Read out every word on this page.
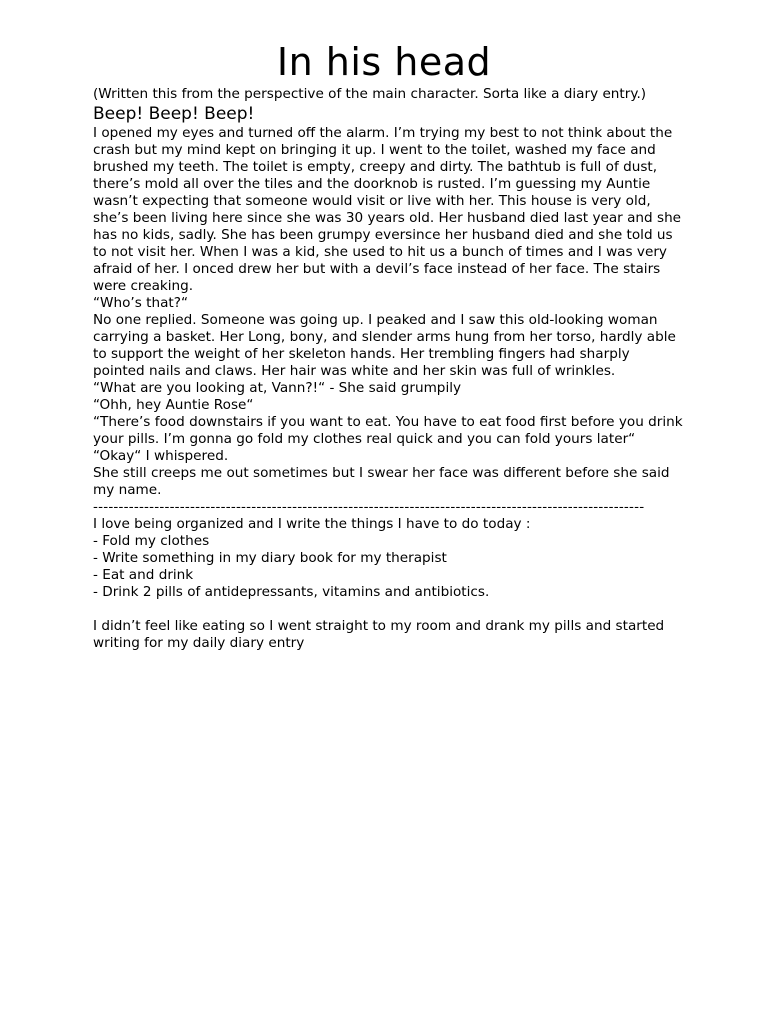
In his head

(Written this from the perspective of the main character. Sorta like a diary entry.)

Beep! Beep! Beep!

I opened my eyes and turned off the alarm. I’m trying my best to not think about the crash but my mind kept on bringing it up. I went to the toilet, washed my face and brushed my teeth. The toilet is empty, creepy and dirty. The bathtub is full of dust, there’s mold all over the tiles and the doorknob is rusted. I’m guessing my Auntie wasn’t expecting that someone would visit or live with her. This house is very old, she’s been living here since she was 30 years old. Her husband died last year and she has no kids, sadly. She has been grumpy eversince her husband died and she told us to not visit her. When I was a kid, she used to hit us a bunch of times and I was very afraid of her. I onced drew her but with a devil’s face instead of her face. The stairs were creaking.

“Who’s that?“

No one replied. Someone was going up. I peaked and I saw this old-looking woman carrying a basket. Her Long, bony, and slender arms hung from her torso, hardly able to support the weight of her skeleton hands. Her trembling fingers had sharply pointed nails and claws. Her hair was white and her skin was full of wrinkles.

“What are you looking at, Vann?!“ - She said grumpily

“Ohh, hey Auntie Rose“

“There’s food downstairs if you want to eat. You have to eat food first before you drink your pills. I’m gonna go fold my clothes real quick and you can fold yours later“

“Okay“ I whispered.

She still creeps me out sometimes but I swear her face was different before she said my name.

------------------------------------------------------------------------------------------------------------

I love being organized and I write the things I have to do today :

- Fold my clothes
- Write something in my diary book for my therapist
- Eat and drink
- Drink 2 pills of antidepressants, vitamins and antibiotics.

I didn’t feel like eating so I went straight to my room and drank my pills and started writing for my daily diary entry
